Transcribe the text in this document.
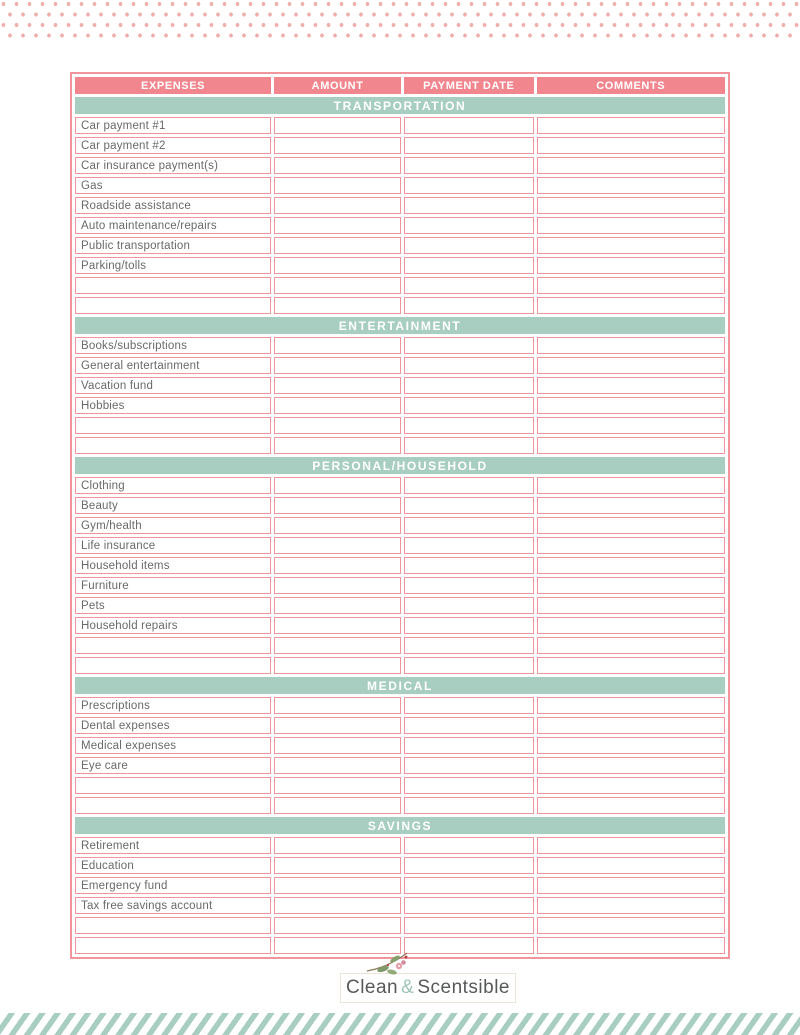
EXPENSES	AMOUNT	PAYMENT DATE	COMMENTS
TRANSPORTATION
Car payment #1
Car payment #2
Car insurance payment(s)
Gas
Roadside assistance
Auto maintenance/repairs
Public transportation
Parking/tolls
ENTERTAINMENT
Books/subscriptions
General entertainment
Vacation fund
Hobbies
PERSONAL/HOUSEHOLD
Clothing
Beauty
Gym/health
Life insurance
Household items
Furniture
Pets
Household repairs
MEDICAL
Prescriptions
Dental expenses
Medical expenses
Eye care
SAVINGS
Retirement
Education
Emergency fund
Tax free savings account
Clean & Scentsible
